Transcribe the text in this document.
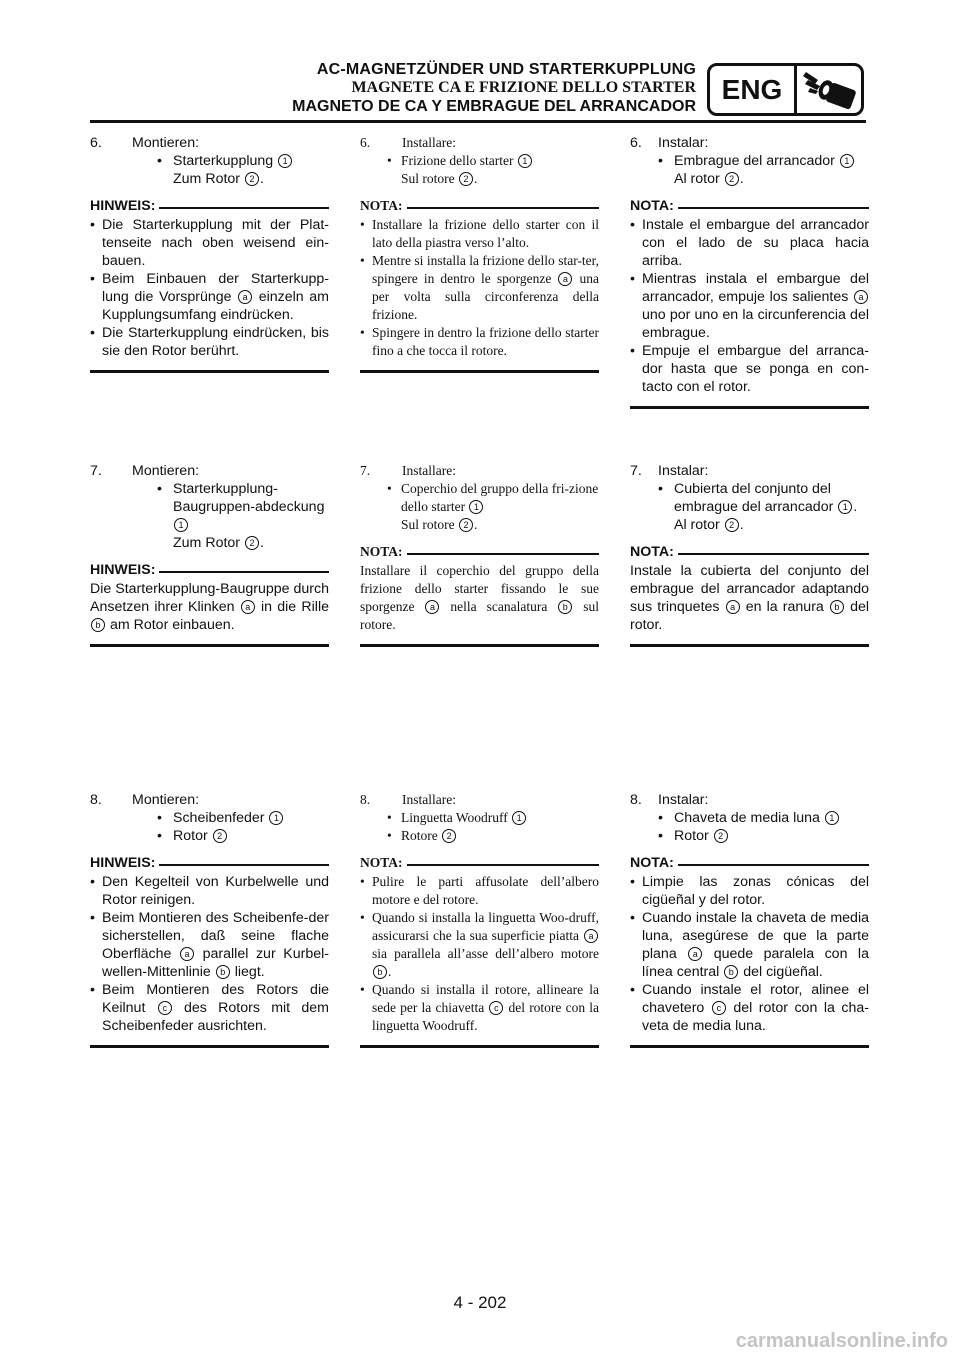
AC-MAGNETZÜNDER UND STARTERKUPPLUNG
MAGNETE CA E FRIZIONE DELLO STARTER
MAGNETO DE CA Y EMBRAGUE DEL ARRANCADOR
ENG
6. Montieren:
• Starterkupplung 1
Zum Rotor 2 .
HINWEIS:
• Die Starterkupplung mit der Plat-tenseite nach oben weisend ein-bauen.
• Beim Einbauen der Starterkupp-lung die Vorsprünge a einzeln am Kupplungsumfang eindrücken.
• Die Starterkupplung eindrücken, bis sie den Rotor berührt.
7. Montieren:
• Starterkupplung-Baugruppen-abdeckung 1
Zum Rotor 2 .
HINWEIS:
Die Starterkupplung-Baugruppe durch Ansetzen ihrer Klinken a in die Rille b am Rotor einbauen.
8. Montieren:
• Scheibenfeder 1
• Rotor 2
HINWEIS:
• Den Kegelteil von Kurbelwelle und Rotor reinigen.
• Beim Montieren des Scheibenfe-der sicherstellen, daß seine flache Oberfläche a parallel zur Kurbel-wellen-Mittenlinie b liegt.
• Beim Montieren des Rotors die Keilnut c des Rotors mit dem Scheibenfeder ausrichten.
6. Installare:
• Frizione dello starter 1
Sul rotore 2 .
NOTA:
• Installare la frizione dello starter con il lato della piastra verso l’alto.
• Mentre si installa la frizione dello star-ter, spingere in dentro le sporgenze a una per volta sulla circonferenza della frizione.
• Spingere in dentro la frizione dello starter fino a che tocca il rotore.
7. Installare:
• Coperchio del gruppo della fri-zione dello starter 1
Sul rotore 2 .
NOTA:
Installare il coperchio del gruppo della frizione dello starter fissando le sue sporgenze a nella scanalatura b sul rotore.
8. Installare:
• Linguetta Woodruff 1
• Rotore 2
NOTA:
• Pulire le parti affusolate dell’albero motore e del rotore.
• Quando si installa la linguetta Woo-druff, assicurarsi che la sua superficie piatta a sia parallela all’asse dell’albero motore b .
• Quando si installa il rotore, allineare la sede per la chiavetta c del rotore con la linguetta Woodruff.
6. Instalar:
• Embrague del arrancador 1
Al rotor 2 .
NOTA:
• Instale el embargue del arrancador con el lado de su placa hacia arriba.
• Mientras instala el embargue del arrancador, empuje los salientes a uno por uno en la circunferencia del embrague.
• Empuje el embargue del arranca-dor hasta que se ponga en con-tacto con el rotor.
7. Instalar:
• Cubierta del conjunto del embrague del arrancador 1 .
Al rotor 2 .
NOTA:
Instale la cubierta del conjunto del embrague del arrancador adaptando sus trinquetes a en la ranura b del rotor.
8. Instalar:
• Chaveta de media luna 1
• Rotor 2
NOTA:
• Limpie las zonas cónicas del cigüeñal y del rotor.
• Cuando instale la chaveta de media luna, asegúrese de que la parte plana a quede paralela con la línea central b del cigüeñal.
• Cuando instale el rotor, alinee el chavetero c del rotor con la cha-veta de media luna.
4 - 202
carmanualsonline.info
